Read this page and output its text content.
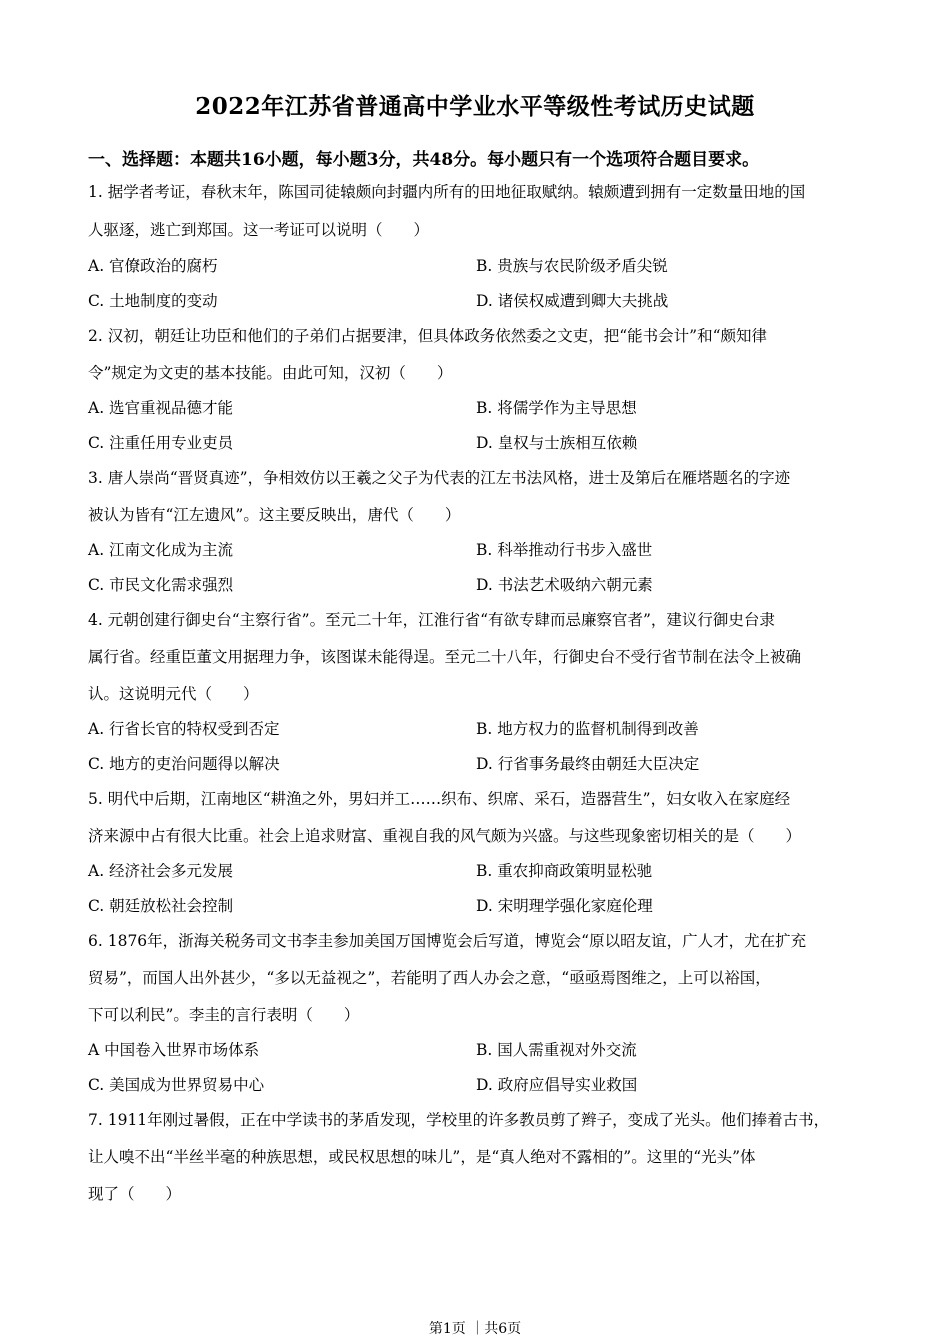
2022年江苏省普通高中学业水平等级性考试历史试题
一、选择题：本题共16小题，每小题3分，共48分。每小题只有一个选项符合题目要求。
1. 据学者考证，春秋末年，陈国司徒辕颇向封疆内所有的田地征取赋纳。辕颇遭到拥有一定数量田地的国
人驱逐，逃亡到郑国。这一考证可以说明（　　）
A. 官僚政治的腐朽	B. 贵族与农民阶级矛盾尖锐
C. 土地制度的变动	D. 诸侯权威遭到卿大夫挑战
2. 汉初，朝廷让功臣和他们的子弟们占据要津，但具体政务依然委之文吏，把“能书会计”和“颇知律
令”规定为文吏的基本技能。由此可知，汉初（　　）
A. 选官重视品德才能	B. 将儒学作为主导思想
C. 注重任用专业吏员	D. 皇权与士族相互依赖
3. 唐人崇尚“晋贤真迹”，争相效仿以王羲之父子为代表的江左书法风格，进士及第后在雁塔题名的字迹
被认为皆有“江左遗风”。这主要反映出，唐代（　　）
A. 江南文化成为主流	B. 科举推动行书步入盛世
C. 市民文化需求强烈	D. 书法艺术吸纳六朝元素
4. 元朝创建行御史台“主察行省”。至元二十年，江淮行省“有欲专肆而忌廉察官者”，建议行御史台隶
属行省。经重臣董文用据理力争，该图谋未能得逞。至元二十八年，行御史台不受行省节制在法令上被确
认。这说明元代（　　）
A. 行省长官的特权受到否定	B. 地方权力的监督机制得到改善
C. 地方的吏治问题得以解决	D. 行省事务最终由朝廷大臣决定
5. 明代中后期，江南地区“耕渔之外，男妇并工……织布、织席、采石，造器营生”，妇女收入在家庭经
济来源中占有很大比重。社会上追求财富、重视自我的风气颇为兴盛。与这些现象密切相关的是（　　）
A. 经济社会多元发展	B. 重农抑商政策明显松驰
C. 朝廷放松社会控制	D. 宋明理学强化家庭伦理
6. 1876年，浙海关税务司文书李圭参加美国万国博览会后写道，博览会“原以昭友谊，广人才，尤在扩充
贸易”，而国人出外甚少，“多以无益视之”，若能明了西人办会之意，“亟亟焉图维之，上可以裕国，
下可以利民”。李圭的言行表明（　　）
A 中国卷入世界市场体系	B. 国人需重视对外交流
C. 美国成为世界贸易中心	D. 政府应倡导实业救国
7. 1911年刚过暑假，正在中学读书的茅盾发现，学校里的许多教员剪了辫子，变成了光头。他们捧着古书，
让人嗅不出“半丝半毫的种族思想，或民权思想的味儿”，是“真人绝对不露相的”。这里的“光头”体
现了（　　）
第1页 ｜共6页
